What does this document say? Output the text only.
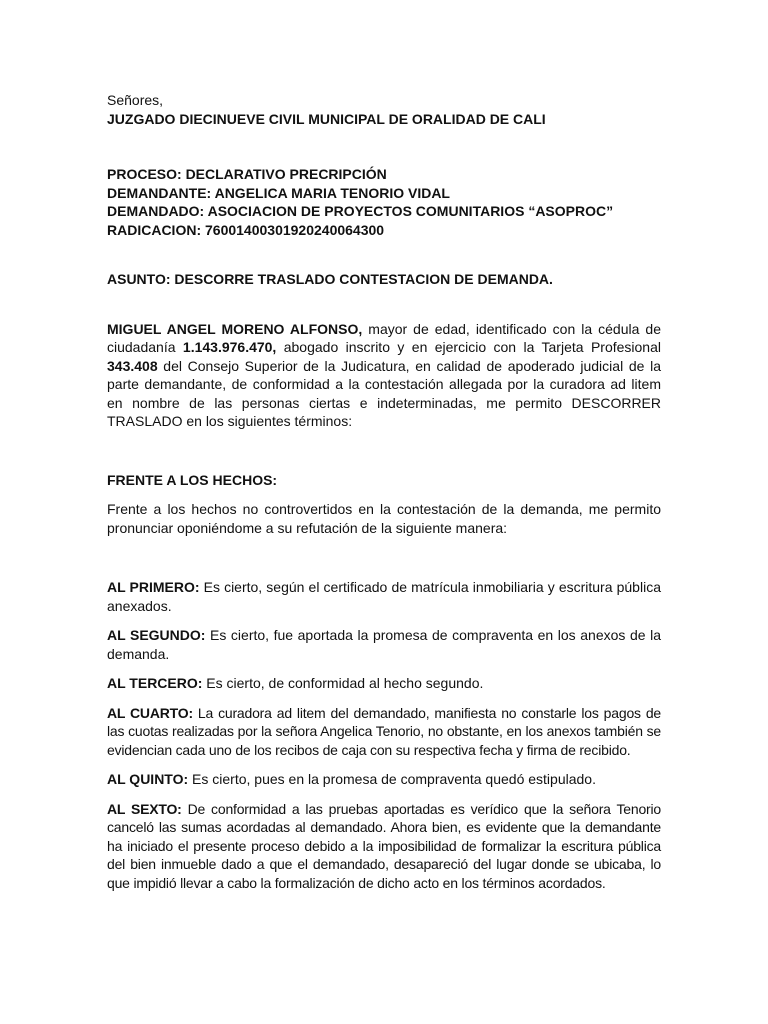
Señores,

JUZGADO DIECINUEVE CIVIL MUNICIPAL DE ORALIDAD DE CALI

PROCESO: DECLARATIVO PRECRIPCIÓN

DEMANDANTE: ANGELICA MARIA TENORIO VIDAL

DEMANDADO: ASOCIACION DE PROYECTOS COMUNITARIOS “ASOPROC”

RADICACION: 76001400301920240064300

ASUNTO: DESCORRE TRASLADO CONTESTACION DE DEMANDA.

MIGUEL ANGEL MORENO ALFONSO, mayor de edad, identificado con la cédula de ciudadanía 1.143.976.470, abogado inscrito y en ejercicio con la Tarjeta Profesional 343.408 del Consejo Superior de la Judicatura, en calidad de apoderado judicial de la parte demandante, de conformidad a la contestación allegada por la curadora ad litem en nombre de las personas ciertas e indeterminadas, me permito DESCORRER TRASLADO en los siguientes términos:

FRENTE A LOS HECHOS:

Frente a los hechos no controvertidos en la contestación de la demanda, me permito pronunciar oponiéndome a su refutación de la siguiente manera:

AL PRIMERO: Es cierto, según el certificado de matrícula inmobiliaria y escritura pública anexados.

AL SEGUNDO: Es cierto, fue aportada la promesa de compraventa en los anexos de la demanda.

AL TERCERO: Es cierto, de conformidad al hecho segundo.

AL CUARTO: La curadora ad litem del demandado, manifiesta no constarle los pagos de las cuotas realizadas por la señora Angelica Tenorio, no obstante, en los anexos también se evidencian cada uno de los recibos de caja con su respectiva fecha y firma de recibido.

AL QUINTO: Es cierto, pues en la promesa de compraventa quedó estipulado.

AL SEXTO: De conformidad a las pruebas aportadas es verídico que la señora Tenorio canceló las sumas acordadas al demandado. Ahora bien, es evidente que la demandante ha iniciado el presente proceso debido a la imposibilidad de formalizar la escritura pública del bien inmueble dado a que el demandado, desapareció del lugar donde se ubicaba, lo que impidió llevar a cabo la formalización de dicho acto en los términos acordados.
